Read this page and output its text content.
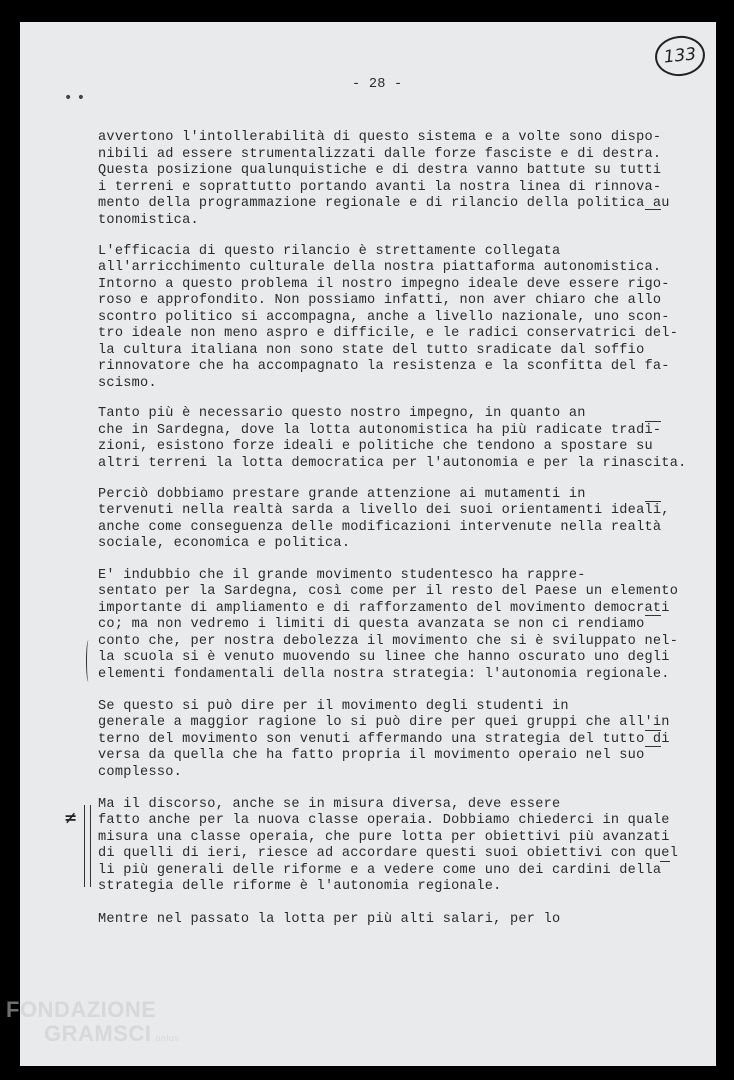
- 28 -
133
• •
avvertono l'intollerabilità di questo sistema e a volte sono dispo-
nibili ad essere strumentalizzati dalle forze fasciste e di destra.
Questa posizione qualunquistiche e di destra vanno battute su tutti
i terreni e soprattutto portando avanti la nostra linea di rinnova-
mento della programmazione regionale e di rilancio della politica au
tonomistica.
L'efficacia di questo rilancio è strettamente collegata
all'arricchimento culturale della nostra piattaforma autonomistica.
Intorno a questo problema il nostro impegno ideale deve essere rigo-
roso e approfondito. Non possiamo infatti, non aver chiaro che allo
scontro politico si accompagna, anche a livello nazionale, uno scon-
tro ideale non meno aspro e difficile, e le radici conservatrici del-
la cultura italiana non sono state del tutto sradicate dal soffio
rinnovatore che ha accompagnato la resistenza e la sconfitta del fa-
scismo.
Tanto più è necessario questo nostro impegno, in quanto an
che in Sardegna, dove la lotta autonomistica ha più radicate tradi-
zioni, esistono forze ideali e politiche che tendono a spostare su
altri terreni la lotta democratica per l'autonomia e per la rinascita.
Perciò dobbiamo prestare grande attenzione ai mutamenti in
tervenuti nella realtà sarda a livello dei suoi orientamenti ideali,
anche come conseguenza delle modificazioni intervenute nella realtà
sociale, economica e politica.
E' indubbio che il grande movimento studentesco ha rappre-
sentato per la Sardegna, così come per il resto del Paese un elemento
importante di ampliamento e di rafforzamento del movimento democrati
co; ma non vedremo i limiti di questa avanzata se non ci rendiamo
conto che, per nostra debolezza il movimento che si è sviluppato nel-
la scuola si è venuto muovendo su linee che hanno oscurato uno degli
elementi fondamentali della nostra strategia: l'autonomia regionale.
Se questo si può dire per il movimento degli studenti in
generale a maggior ragione lo si può dire per quei gruppi che all'in
terno del movimento son venuti affermando una strategia del tutto di
versa da quella che ha fatto propria il movimento operaio nel suo
complesso.
Ma il discorso, anche se in misura diversa, deve essere
fatto anche per la nuova classe operaia. Dobbiamo chiederci in quale
misura una classe operaia, che pure lotta per obiettivi più avanzati
di quelli di ieri, riesce ad accordare questi suoi obiettivi con quel
li più generali delle riforme e a vedere come uno dei cardini della
strategia delle riforme è l'autonomia regionale.
Mentre nel passato la lotta per più alti salari, per lo
≠
FONDAZIONE
GRAMSCI onlus
